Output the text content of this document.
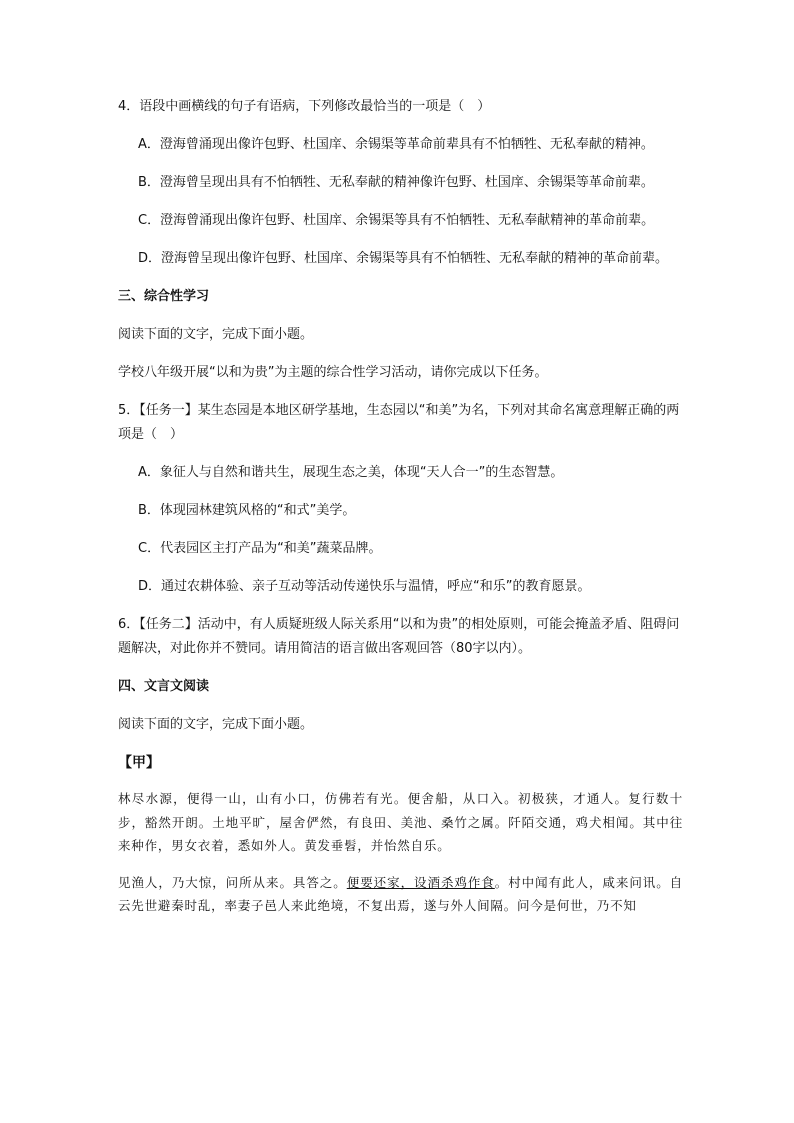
4．语段中画横线的句子有语病，下列修改最恰当的一项是（　）
A．澄海曾涌现出像许包野、杜国庠、余锡渠等革命前辈具有不怕牺牲、无私奉献的精神。
B．澄海曾呈现出具有不怕牺牲、无私奉献的精神像许包野、杜国庠、余锡渠等革命前辈。
C．澄海曾涌现出像许包野、杜国庠、余锡渠等具有不怕牺牲、无私奉献精神的革命前辈。
D．澄海曾呈现出像许包野、杜国庠、余锡渠等具有不怕牺牲、无私奉献的精神的革命前辈。
三、综合性学习
阅读下面的文字，完成下面小题。
学校八年级开展“以和为贵”为主题的综合性学习活动，请你完成以下任务。
5．【任务一】某生态园是本地区研学基地，生态园以“和美”为名，下列对其命名寓意理解正确的两项是（　）
A．象征人与自然和谐共生，展现生态之美，体现“天人合一”的生态智慧。
B．体现园林建筑风格的“和式”美学。
C．代表园区主打产品为“和美”蔬菜品牌。
D．通过农耕体验、亲子互动等活动传递快乐与温情，呼应“和乐”的教育愿景。
6．【任务二】活动中，有人质疑班级人际关系用“以和为贵”的相处原则，可能会掩盖矛盾、阻碍问题解决，对此你并不赞同。请用简洁的语言做出客观回答（80字以内）。
四、文言文阅读
阅读下面的文字，完成下面小题。
【甲】
林尽水源，便得一山，山有小口，仿佛若有光。便舍船，从口入。初极狭，才通人。复行数十步，豁然开朗。土地平旷，屋舍俨然，有良田、美池、桑竹之属。阡陌交通，鸡犬相闻。其中往来种作，男女衣着，悉如外人。黄发垂髫，并怡然自乐。
见渔人，乃大惊，问所从来。具答之。便要还家，设酒杀鸡作食。村中闻有此人，咸来问讯。自云先世避秦时乱，率妻子邑人来此绝境，不复出焉，遂与外人间隔。问今是何世，乃不知
